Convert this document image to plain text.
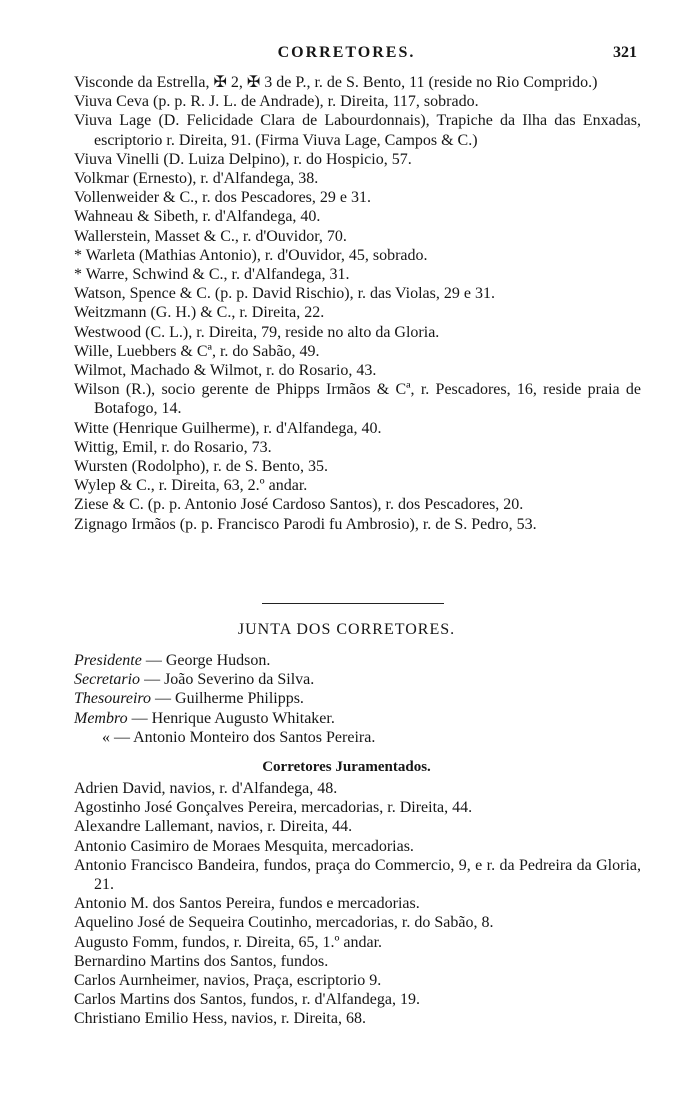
CORRETORES.	321
Visconde da Estrella, ✠ 2, ✠ 3 de P., r. de S. Bento, 11 (reside no Rio Comprido.)
Viuva Ceva (p. p. R. J. L. de Andrade), r. Direita, 117, sobrado.
Viuva Lage (D. Felicidade Clara de Labourdonnais), Trapiche da Ilha das Enxadas, escriptorio r. Direita, 91. (Firma Viuva Lage, Campos & C.)
Viuva Vinelli (D. Luiza Delpino), r. do Hospicio, 57.
Volkmar (Ernesto), r. d'Alfandega, 38.
Vollenweider & C., r. dos Pescadores, 29 e 31.
Wahneau & Sibeth, r. d'Alfandega, 40.
Wallerstein, Masset & C., r. d'Ouvidor, 70.
* Warleta (Mathias Antonio), r. d'Ouvidor, 45, sobrado.
* Warre, Schwind & C., r. d'Alfandega, 31.
Watson, Spence & C. (p. p. David Rischio), r. das Violas, 29 e 31.
Weitzmann (G. H.) & C., r. Direita, 22.
Westwood (C. L.), r. Direita, 79, reside no alto da Gloria.
Wille, Luebbers & Cª, r. do Sabão, 49.
Wilmot, Machado & Wilmot, r. do Rosario, 43.
Wilson (R.), socio gerente de Phipps Irmãos & Cª, r. Pescadores, 16, reside praia de Botafogo, 14.
Witte (Henrique Guilherme), r. d'Alfandega, 40.
Wittig, Emil, r. do Rosario, 73.
Wursten (Rodolpho), r. de S. Bento, 35.
Wylep & C., r. Direita, 63, 2.º andar.
Ziese & C. (p. p. Antonio José Cardoso Santos), r. dos Pescadores, 20.
Zignago Irmãos (p. p. Francisco Parodi fu Ambrosio), r. de S. Pedro, 53.
JUNTA DOS CORRETORES.
Presidente — George Hudson.
Secretario — João Severino da Silva.
Thesoureiro — Guilherme Philipps.
Membro — Henrique Augusto Whitaker.
« — Antonio Monteiro dos Santos Pereira.
Corretores Juramentados.
Adrien David, navios, r. d'Alfandega, 48.
Agostinho José Gonçalves Pereira, mercadorias, r. Direita, 44.
Alexandre Lallemant, navios, r. Direita, 44.
Antonio Casimiro de Moraes Mesquita, mercadorias.
Antonio Francisco Bandeira, fundos, praça do Commercio, 9, e r. da Pedreira da Gloria, 21.
Antonio M. dos Santos Pereira, fundos e mercadorias.
Aquelino José de Sequeira Coutinho, mercadorias, r. do Sabão, 8.
Augusto Fomm, fundos, r. Direita, 65, 1.º andar.
Bernardino Martins dos Santos, fundos.
Carlos Aurnheimer, navios, Praça, escriptorio 9.
Carlos Martins dos Santos, fundos, r. d'Alfandega, 19.
Christiano Emilio Hess, navios, r. Direita, 68.
